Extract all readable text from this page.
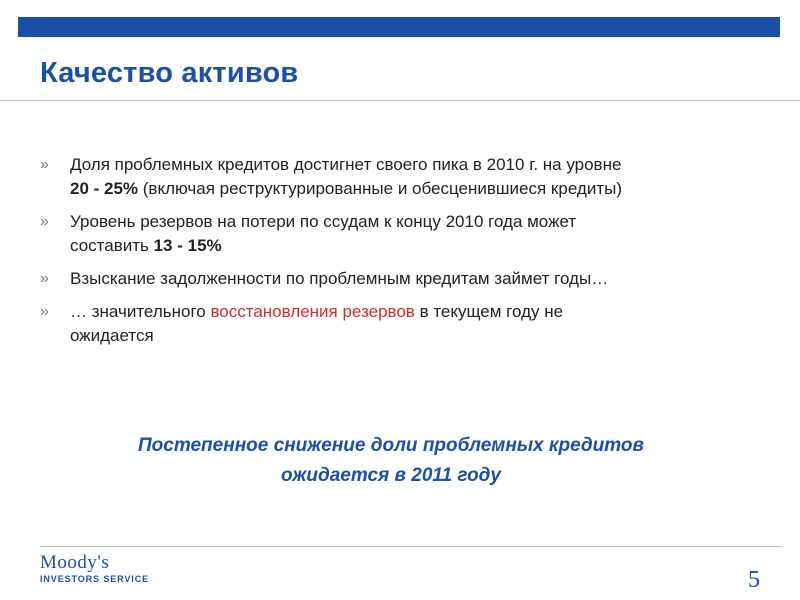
Качество активов
» Доля проблемных кредитов достигнет своего пика в 2010 г. на уровне
20 - 25% (включая реструктурированные и обесценившиеся кредиты)
» Уровень резервов на потери по ссудам к концу 2010 года может
составить 13 - 15%
» Взыскание задолженности по проблемным кредитам займет годы…
» … значительного восстановления резервов в текущем году не
ожидается

Постепенное снижение доли проблемных кредитов
ожидается в 2011 году

Moody's
INVESTORS SERVICE	5
